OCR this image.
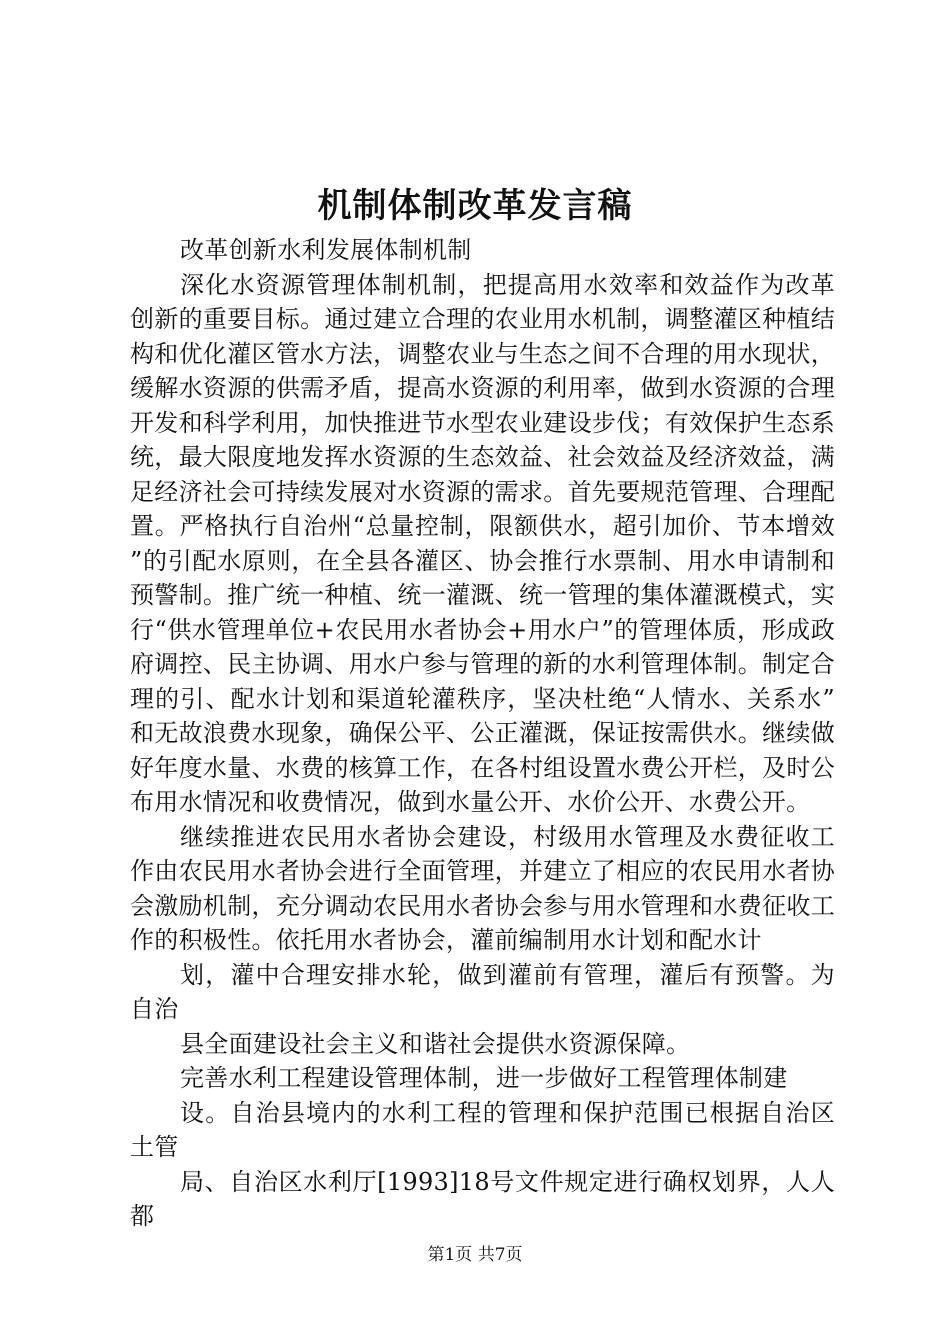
机制体制改革发言稿

改革创新水利发展体制机制

深化水资源管理体制机制，把提高用水效率和效益作为改革创新的重要目标。通过建立合理的农业用水机制，调整灌区种植结构和优化灌区管水方法，调整农业与生态之间不合理的用水现状，缓解水资源的供需矛盾，提高水资源的利用率，做到水资源的合理开发和科学利用，加快推进节水型农业建设步伐；有效保护生态系统，最大限度地发挥水资源的生态效益、社会效益及经济效益，满足经济社会可持续发展对水资源的需求。首先要规范管理、合理配置。严格执行自治州“总量控制，限额供水，超引加价、节本增效”的引配水原则，在全县各灌区、协会推行水票制、用水申请制和预警制。推广统一种植、统一灌溉、统一管理的集体灌溉模式，实行“供水管理单位+农民用水者协会+用水户”的管理体质，形成政府调控、民主协调、用水户参与管理的新的水利管理体制。制定合理的引、配水计划和渠道轮灌秩序，坚决杜绝“人情水、关系水”和无故浪费水现象，确保公平、公正灌溉，保证按需供水。继续做好年度水量、水费的核算工作，在各村组设置水费公开栏，及时公布用水情况和收费情况，做到水量公开、水价公开、水费公开。

继续推进农民用水者协会建设，村级用水管理及水费征收工作由农民用水者协会进行全面管理，并建立了相应的农民用水者协会激励机制，充分调动农民用水者协会参与用水管理和水费征收工作的积极性。依托用水者协会，灌前编制用水计划和配水计

划，灌中合理安排水轮，做到灌前有管理，灌后有预警。为自治

县全面建设社会主义和谐社会提供水资源保障。

完善水利工程建设管理体制，进一步做好工程管理体制建

设。自治县境内的水利工程的管理和保护范围已根据自治区土管

局、自治区水利厅[1993]18号文件规定进行确权划界，人人都

第1页 共7页
